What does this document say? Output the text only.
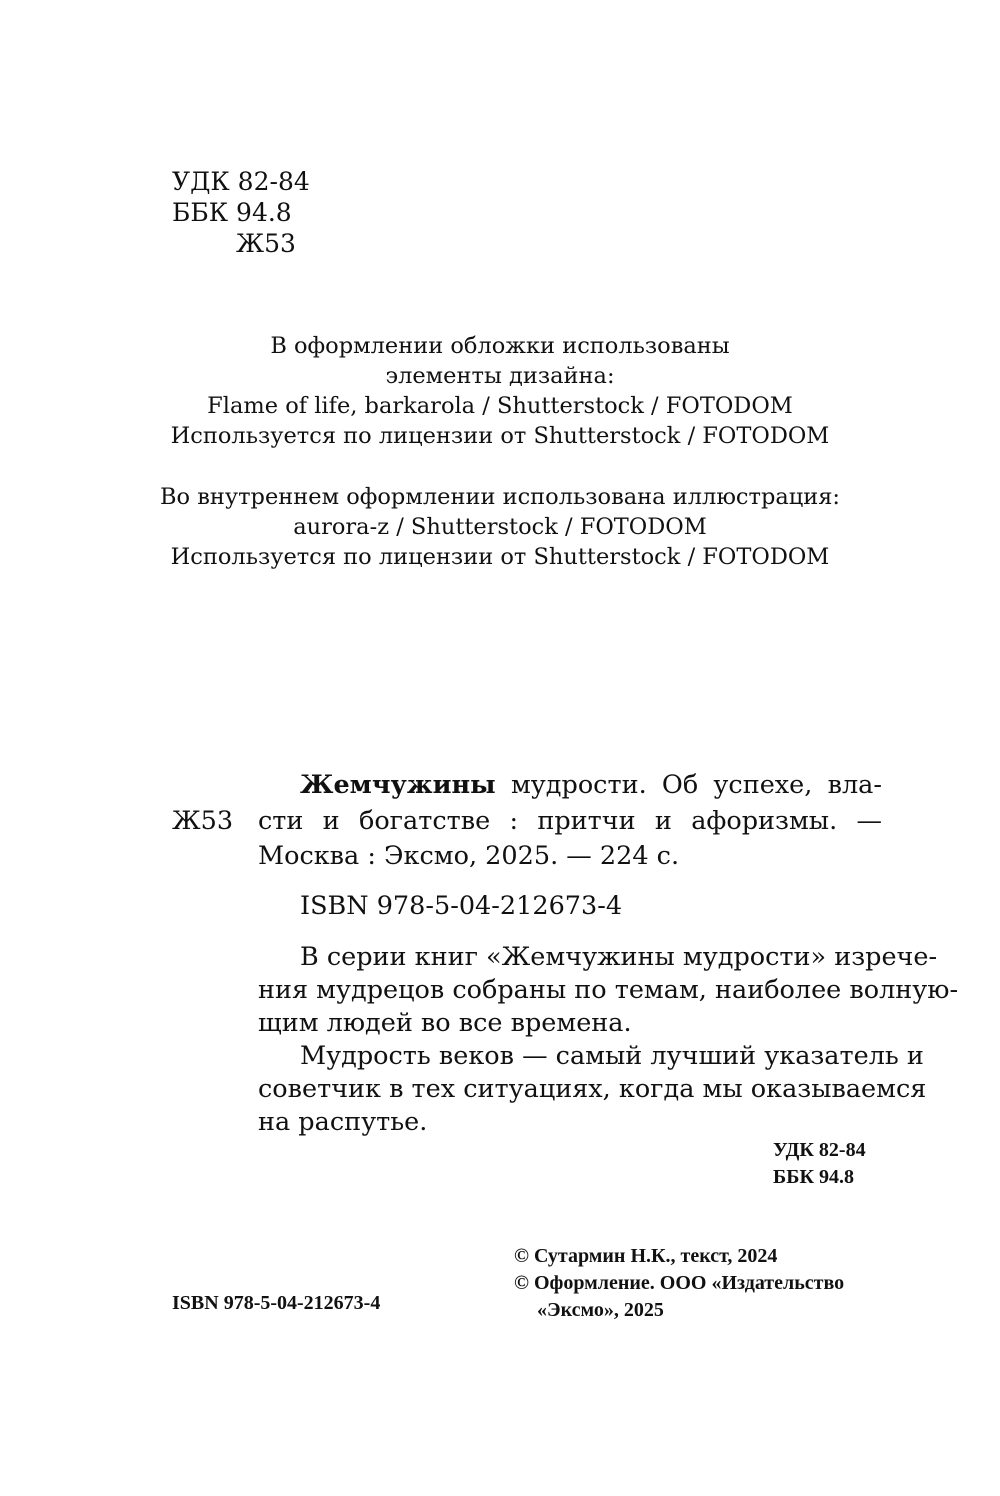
УДК 82-84
ББК 94.8
Ж53
В оформлении обложки использованы
элементы дизайна:
Flame of life, barkarola / Shutterstock / FOTODOM
Используется по лицензии от Shutterstock / FOTODOM
Во внутреннем оформлении использована иллюстрация:
aurora-z / Shutterstock / FOTODOM
Используется по лицензии от Shutterstock / FOTODOM
Жемчужины мудрости. Об успехе, вла-
Ж53 сти и богатстве : притчи и афоризмы. —
Москва : Эксмо, 2025. — 224 с.
ISBN 978-5-04-212673-4
В серии книг «Жемчужины мудрости» изрече-
ния мудрецов собраны по темам, наиболее волную-
щим людей во все времена.
Мудрость веков — самый лучший указатель и
советчик в тех ситуациях, когда мы оказываемся
на распутье.
УДК 82-84
ББК 94.8
© Сутармин Н.К., текст, 2024
© Оформление. ООО «Издательство
«Эксмо», 2025
ISBN 978-5-04-212673-4
